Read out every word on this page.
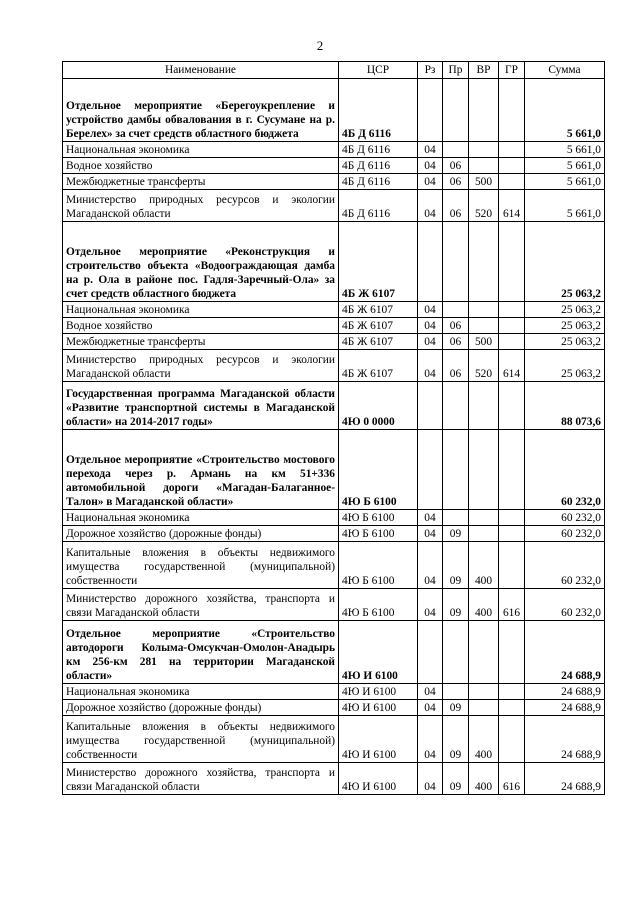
2
Наименование	ЦСР	Рз	Пр	ВР	ГР	Сумма
Отдельное мероприятие «Берегоукрепление и устройство дамбы обвалования в г. Сусумане на р. Берелех» за счет средств областного бюджета	4Б Д 6116					5 661,0
Национальная экономика	4Б Д 6116	04				5 661,0
Водное хозяйство	4Б Д 6116	04	06			5 661,0
Межбюджетные трансферты	4Б Д 6116	04	06	500		5 661,0
Министерство природных ресурсов и экологии Магаданской области	4Б Д 6116	04	06	520	614	5 661,0
Отдельное мероприятие «Реконструкция и строительство объекта «Водоограждающая дамба на р. Ола в районе пос. Гадля-Заречный-Ола» за счет средств областного бюджета	4Б Ж 6107					25 063,2
Национальная экономика	4Б Ж 6107	04				25 063,2
Водное хозяйство	4Б Ж 6107	04	06			25 063,2
Межбюджетные трансферты	4Б Ж 6107	04	06	500		25 063,2
Министерство природных ресурсов и экологии Магаданской области	4Б Ж 6107	04	06	520	614	25 063,2
Государственная программа Магаданской области «Развитие транспортной системы в Магаданской области» на 2014-2017 годы»	4Ю 0 0000					88 073,6
Отдельное мероприятие «Строительство мостового перехода через р. Армань на км 51+336 автомобильной дороги «Магадан-Балаганное-Талон» в Магаданской области»	4Ю Б 6100					60 232,0
Национальная экономика	4Ю Б 6100	04				60 232,0
Дорожное хозяйство (дорожные фонды)	4Ю Б 6100	04	09			60 232,0
Капитальные вложения в объекты недвижимого имущества государственной (муниципальной) собственности	4Ю Б 6100	04	09	400		60 232,0
Министерство дорожного хозяйства, транспорта и связи Магаданской области	4Ю Б 6100	04	09	400	616	60 232,0
Отдельное мероприятие «Строительство автодороги Колыма-Омсукчан-Омолон-Анадырь км 256-км 281 на территории Магаданской области»	4Ю И 6100					24 688,9
Национальная экономика	4Ю И 6100	04				24 688,9
Дорожное хозяйство (дорожные фонды)	4Ю И 6100	04	09			24 688,9
Капитальные вложения в объекты недвижимого имущества государственной (муниципальной) собственности	4Ю И 6100	04	09	400		24 688,9
Министерство дорожного хозяйства, транспорта и связи Магаданской области	4Ю И 6100	04	09	400	616	24 688,9
